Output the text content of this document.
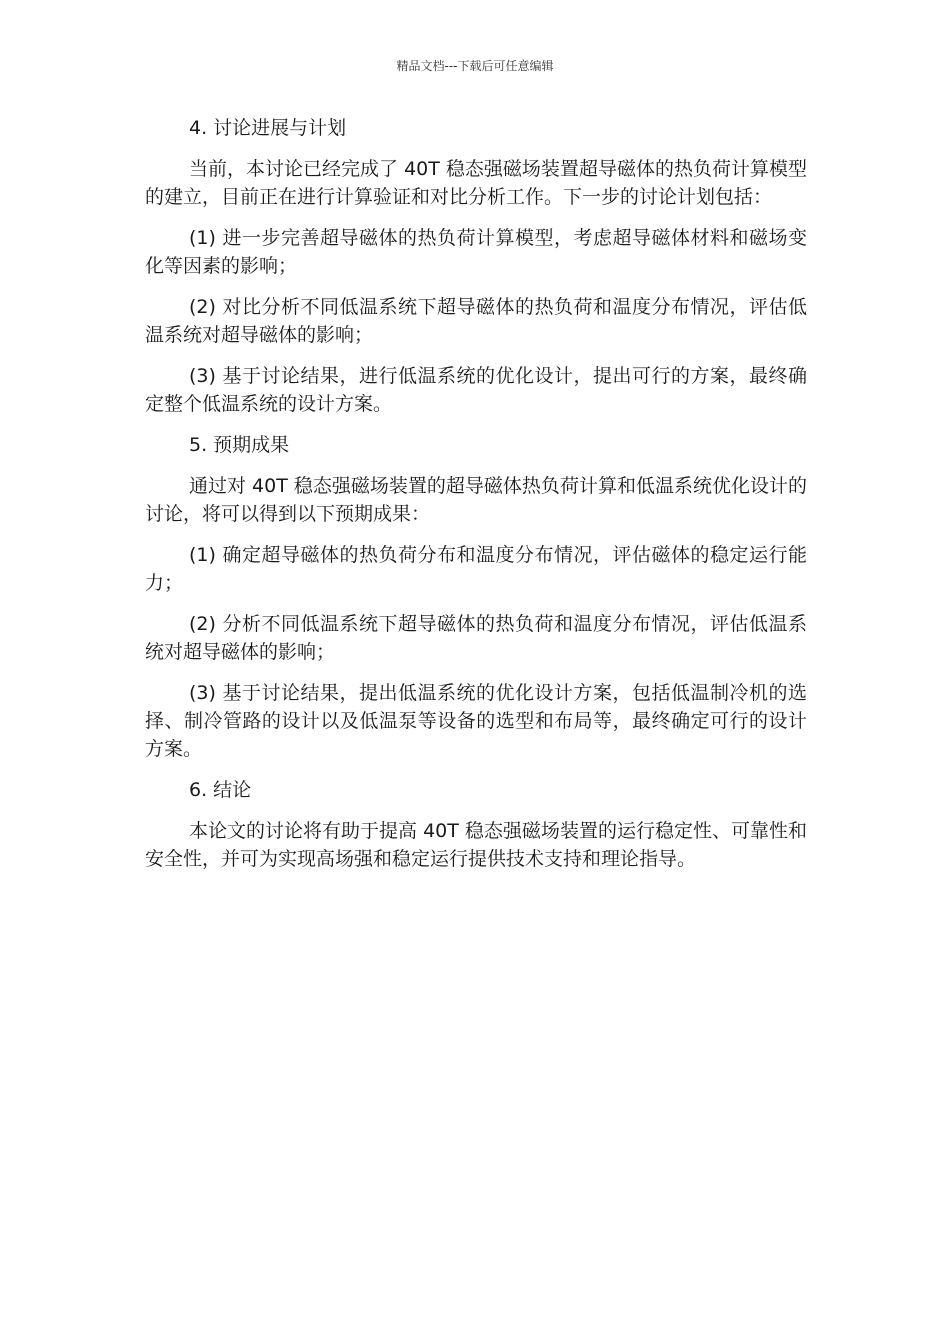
精品文档---下载后可任意编辑
4. 讨论进展与计划
当前，本讨论已经完成了 40T 稳态强磁场装置超导磁体的热负荷计算模型的建立，目前正在进行计算验证和对比分析工作。下一步的讨论计划包括：
(1) 进一步完善超导磁体的热负荷计算模型，考虑超导磁体材料和磁场变化等因素的影响；
(2) 对比分析不同低温系统下超导磁体的热负荷和温度分布情况，评估低温系统对超导磁体的影响；
(3) 基于讨论结果，进行低温系统的优化设计，提出可行的方案，最终确定整个低温系统的设计方案。
5. 预期成果
通过对 40T 稳态强磁场装置的超导磁体热负荷计算和低温系统优化设计的讨论，将可以得到以下预期成果：
(1) 确定超导磁体的热负荷分布和温度分布情况，评估磁体的稳定运行能力；
(2) 分析不同低温系统下超导磁体的热负荷和温度分布情况，评估低温系统对超导磁体的影响；
(3) 基于讨论结果，提出低温系统的优化设计方案，包括低温制冷机的选择、制冷管路的设计以及低温泵等设备的选型和布局等，最终确定可行的设计方案。
6. 结论
本论文的讨论将有助于提高 40T 稳态强磁场装置的运行稳定性、可靠性和安全性，并可为实现高场强和稳定运行提供技术支持和理论指导。
